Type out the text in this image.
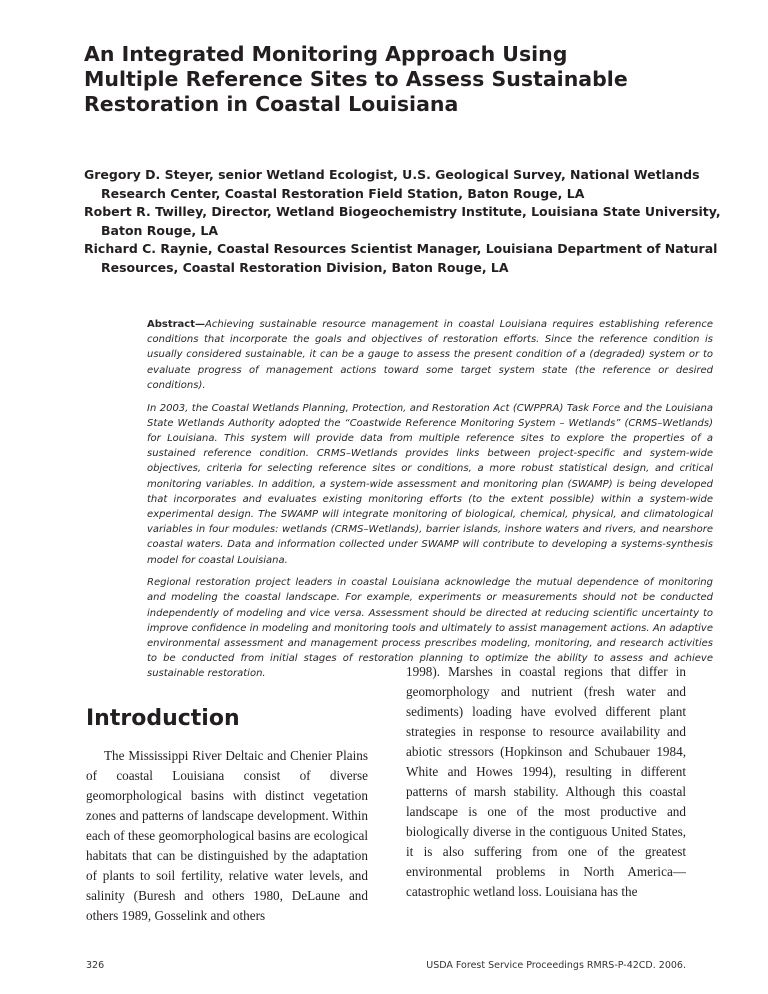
An Integrated Monitoring Approach Using Multiple Reference Sites to Assess Sustainable Restoration in Coastal Louisiana

Gregory D. Steyer, senior Wetland Ecologist, U.S. Geological Survey, National Wetlands Research Center, Coastal Restoration Field Station, Baton Rouge, LA

Robert R. Twilley, Director, Wetland Biogeochemistry Institute, Louisiana State University, Baton Rouge, LA

Richard C. Raynie, Coastal Resources Scientist Manager, Louisiana Department of Natural Resources, Coastal Restoration Division, Baton Rouge, LA

Abstract—Achieving sustainable resource management in coastal Louisiana requires establishing reference conditions that incorporate the goals and objectives of restoration efforts. Since the reference condition is usually considered sustainable, it can be a gauge to assess the present condition of a (degraded) system or to evaluate progress of management actions toward some target system state (the reference or desired conditions).

In 2003, the Coastal Wetlands Planning, Protection, and Restoration Act (CWPPRA) Task Force and the Louisiana State Wetlands Authority adopted the “Coastwide Reference Monitoring System – Wetlands” (CRMS–Wetlands) for Louisiana. This system will provide data from multiple reference sites to explore the properties of a sustained reference condition. CRMS–Wetlands provides links between project-specific and system-wide objectives, criteria for selecting reference sites or conditions, a more robust statistical design, and critical monitoring variables. In addition, a system-wide assessment and monitoring plan (SWAMP) is being developed that incorporates and evaluates existing monitoring efforts (to the extent possible) within a system-wide experimental design. The SWAMP will integrate monitoring of biological, chemical, physical, and climatological variables in four modules: wetlands (CRMS–Wetlands), barrier islands, inshore waters and rivers, and nearshore coastal waters. Data and information collected under SWAMP will contribute to developing a systems-synthesis model for coastal Louisiana.

Regional restoration project leaders in coastal Louisiana acknowledge the mutual dependence of monitoring and modeling the coastal landscape. For example, experiments or measurements should not be conducted independently of modeling and vice versa. Assessment should be directed at reducing scientific uncertainty to improve confidence in modeling and monitoring tools and ultimately to assist management actions. An adaptive environmental assessment and management process prescribes modeling, monitoring, and research activities to be conducted from initial stages of restoration planning to optimize the ability to assess and achieve sustainable restoration.

Introduction

The Mississippi River Deltaic and Chenier Plains of coastal Louisiana consist of diverse geomorphological basins with distinct vegetation zones and patterns of landscape development. Within each of these geomorphological basins are ecological habitats that can be distinguished by the adaptation of plants to soil fertility, relative water levels, and salinity (Buresh and others 1980, DeLaune and others 1989, Gosselink and others

1998). Marshes in coastal regions that differ in geomorphology and nutrient (fresh water and sediments) loading have evolved different plant strategies in response to resource availability and abiotic stressors (Hopkinson and Schubauer 1984, White and Howes 1994), resulting in different patterns of marsh stability. Although this coastal landscape is one of the most productive and biologically diverse in the contiguous United States, it is also suffering from one of the greatest environmental problems in North America—catastrophic wetland loss. Louisiana has the

326	USDA Forest Service Proceedings RMRS-P-42CD. 2006.
